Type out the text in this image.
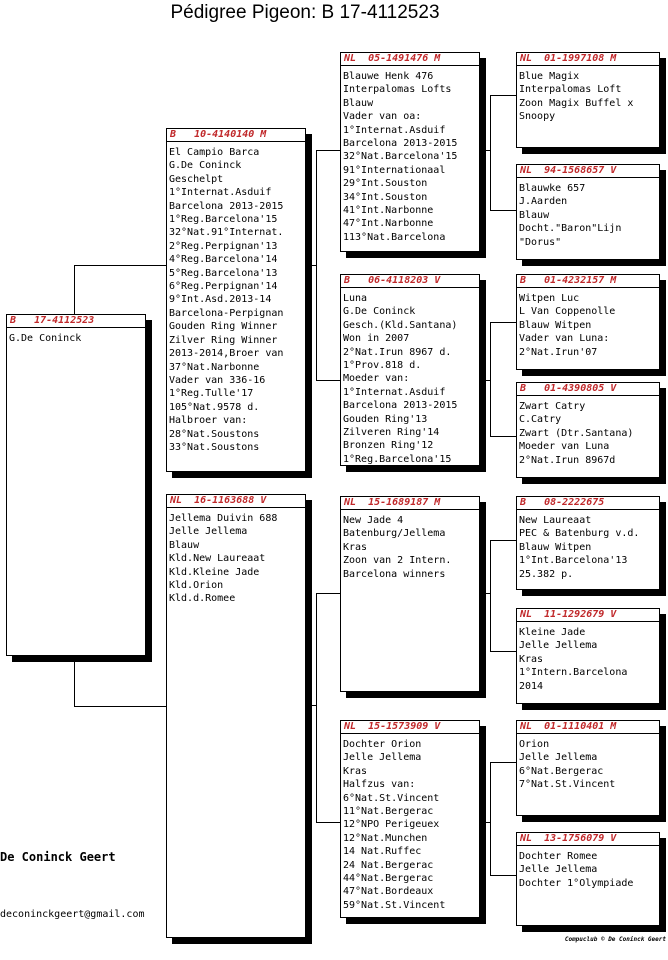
Pédigree Pigeon: B 17-4112523
B   17-4112523
G.De Coninck
B   10-4140140 M
El Campio Barca
G.De Coninck
Geschelpt
1°Internat.Asduif
Barcelona 2013-2015
1°Reg.Barcelona'15
32°Nat.91°Internat.
2°Reg.Perpignan'13
4°Reg.Barcelona'14
5°Reg.Barcelona'13
6°Reg.Perpignan'14
9°Int.Asd.2013-14
Barcelona-Perpignan
Gouden Ring Winner
Zilver Ring Winner
2013-2014,Broer van
37°Nat.Narbonne
Vader van 336-16
1°Reg.Tulle'17
105°Nat.9578 d.
Halbroer van:
28°Nat.Soustons
33°Nat.Soustons
NL  16-1163688 V
Jellema Duivin 688
Jelle Jellema
Blauw
Kld.New Laureaat
Kld.Kleine Jade
Kld.Orion
Kld.d.Romee
NL  05-1491476 M
Blauwe Henk 476
Interpalomas Lofts
Blauw
Vader van oa:
1°Internat.Asduif
Barcelona 2013-2015
32°Nat.Barcelona'15
91°Internationaal
29°Int.Souston
34°Int.Souston
41°Int.Narbonne
47°Int.Narbonne
113°Nat.Barcelona
B   06-4118203 V
Luna
G.De Coninck
Gesch.(Kld.Santana)
Won in 2007
2°Nat.Irun 8967 d.
1°Prov.818 d.
Moeder van:
1°Internat.Asduif
Barcelona 2013-2015
Gouden Ring'13
Zilveren Ring'14
Bronzen Ring'12
1°Reg.Barcelona'15
NL  15-1689187 M
New Jade 4
Batenburg/Jellema
Kras
Zoon van 2 Intern.
Barcelona winners
NL  15-1573909 V
Dochter Orion
Jelle Jellema
Kras
Halfzus van:
6°Nat.St.Vincent
11°Nat.Bergerac
12°NPO Perigeuex
12°Nat.Munchen
14 Nat.Ruffec
24 Nat.Bergerac
44°Nat.Bergerac
47°Nat.Bordeaux
59°Nat.St.Vincent
NL  01-1997108 M
Blue Magix
Interpalomas Loft
Zoon Magix Buffel x
Snoopy
NL  94-1568657 V
Blauwke 657
J.Aarden
Blauw
Docht."Baron"Lijn
"Dorus"
B   01-4232157 M
Witpen Luc
L Van Coppenolle
Blauw Witpen
Vader van Luna:
2°Nat.Irun'07
B   01-4390805 V
Zwart Catry
C.Catry
Zwart (Dtr.Santana)
Moeder van Luna
2°Nat.Irun 8967d
B   08-2222675
New Laureaat
PEC & Batenburg v.d.
Blauw Witpen
1°Int.Barcelona'13
25.382 p.
NL  11-1292679 V
Kleine Jade
Jelle Jellema
Kras
1°Intern.Barcelona
2014
NL  01-1110401 M
Orion
Jelle Jellema
6°Nat.Bergerac
7°Nat.St.Vincent
NL  13-1756079 V
Dochter Romee
Jelle Jellema
Dochter 1°Olympiade
De Coninck Geert
deconinckgeert@gmail.com
Compuclub © De Coninck Geert
